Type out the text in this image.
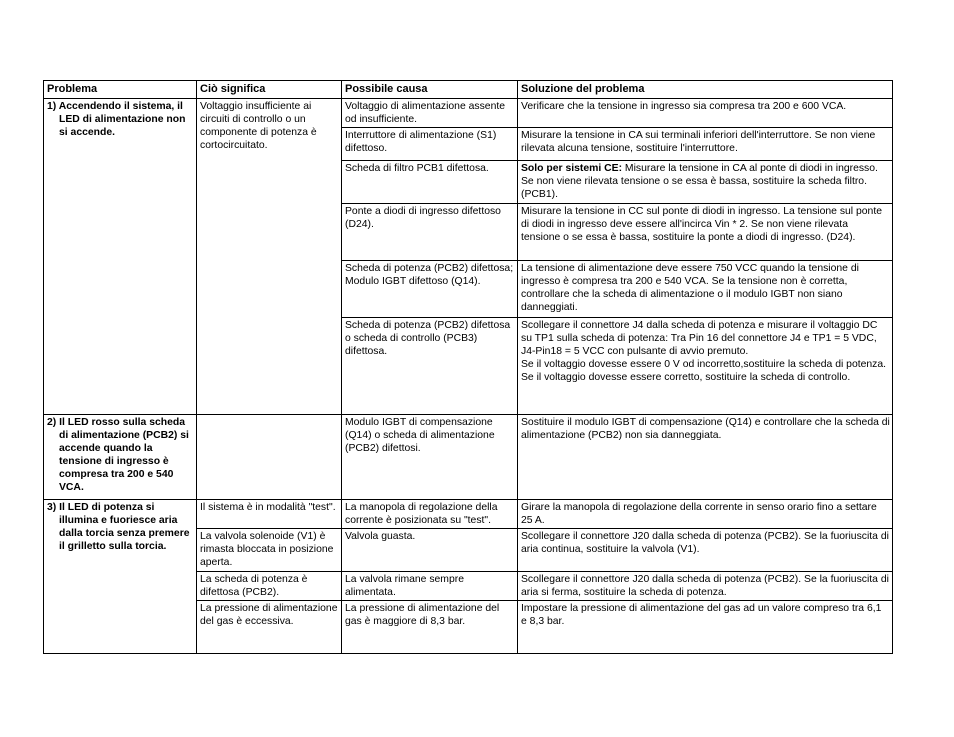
Problema	Ciò significa	Possibile causa	Soluzione del problema

1) Accendendo il sistema, il LED di alimentazione non si accende.	Voltaggio insufficiente ai circuiti di controllo o un componente di potenza è cortocircuitato.	Voltaggio di alimentazione assente od insufficiente.	Verificare che la tensione in ingresso sia compresa tra 200 e 600 VCA.
		Interruttore di alimentazione (S1) difettoso.	Misurare la tensione in CA sui terminali inferiori dell'interruttore. Se non viene rilevata alcuna tensione, sostituire l'interruttore.
		Scheda di filtro PCB1 difettosa.	Solo per sistemi CE: Misurare la tensione in CA al ponte di diodi in ingresso. Se non viene rilevata tensione o se essa è bassa, sostituire la scheda filtro. (PCB1).
		Ponte a diodi di ingresso difettoso (D24).	Misurare la tensione in CC sul ponte di diodi in ingresso. La tensione sul ponte di diodi in ingresso deve essere all'incirca Vin * 2. Se non viene rilevata tensione o se essa è bassa, sostituire la ponte a diodi di ingresso. (D24).
		Scheda di potenza (PCB2) difettosa; Modulo IGBT difettoso (Q14).	La tensione di alimentazione deve essere 750 VCC quando la tensione di ingresso è compresa tra 200 e 540 VCA. Se la tensione non è corretta, controllare che la scheda di alimentazione o il modulo IGBT non siano danneggiati.
		Scheda di potenza (PCB2) difettosa o scheda di controllo (PCB3) difettosa.	Scollegare il connettore J4 dalla scheda di potenza e misurare il voltaggio DC su TP1 sulla scheda di potenza: Tra Pin 16 del connettore J4 e TP1 = 5 VDC, J4-Pin18 = 5 VCC con pulsante di avvio premuto.
Se il voltaggio dovesse essere 0 V od incorretto,sostituire la scheda di potenza.
Se il voltaggio dovesse essere corretto, sostituire la scheda di controllo.

2) Il LED rosso sulla scheda di alimentazione (PCB2) si accende quando la tensione di ingresso è compresa tra 200 e 540 VCA.		Modulo IGBT di compensazione (Q14) o scheda di alimentazione (PCB2) difettosi.	Sostituire il modulo IGBT di compensazione (Q14) e controllare che la scheda di alimentazione (PCB2) non sia danneggiata.

3) Il LED di potenza si illumina e fuoriesce aria dalla torcia senza premere il grilletto sulla torcia.	Il sistema è in modalità "test".	La manopola di regolazione della corrente è posizionata su "test".	Girare la manopola di regolazione della corrente in senso orario fino a settare 25 A.
	La valvola solenoide (V1) è rimasta bloccata in posizione aperta.	Valvola guasta.	Scollegare il connettore J20 dalla scheda di potenza (PCB2). Se la fuoriuscita di aria continua, sostituire la valvola (V1).
	La scheda di potenza è difettosa (PCB2).	La valvola rimane sempre alimentata.	Scollegare il connettore J20 dalla scheda di potenza (PCB2). Se la fuoriuscita di aria si ferma, sostituire la scheda di potenza.
	La pressione di alimentazione del gas è eccessiva.	La pressione di alimentazione del gas è maggiore di 8,3 bar.	Impostare la pressione di alimentazione del gas ad un valore compreso tra 6,1 e 8,3 bar.
